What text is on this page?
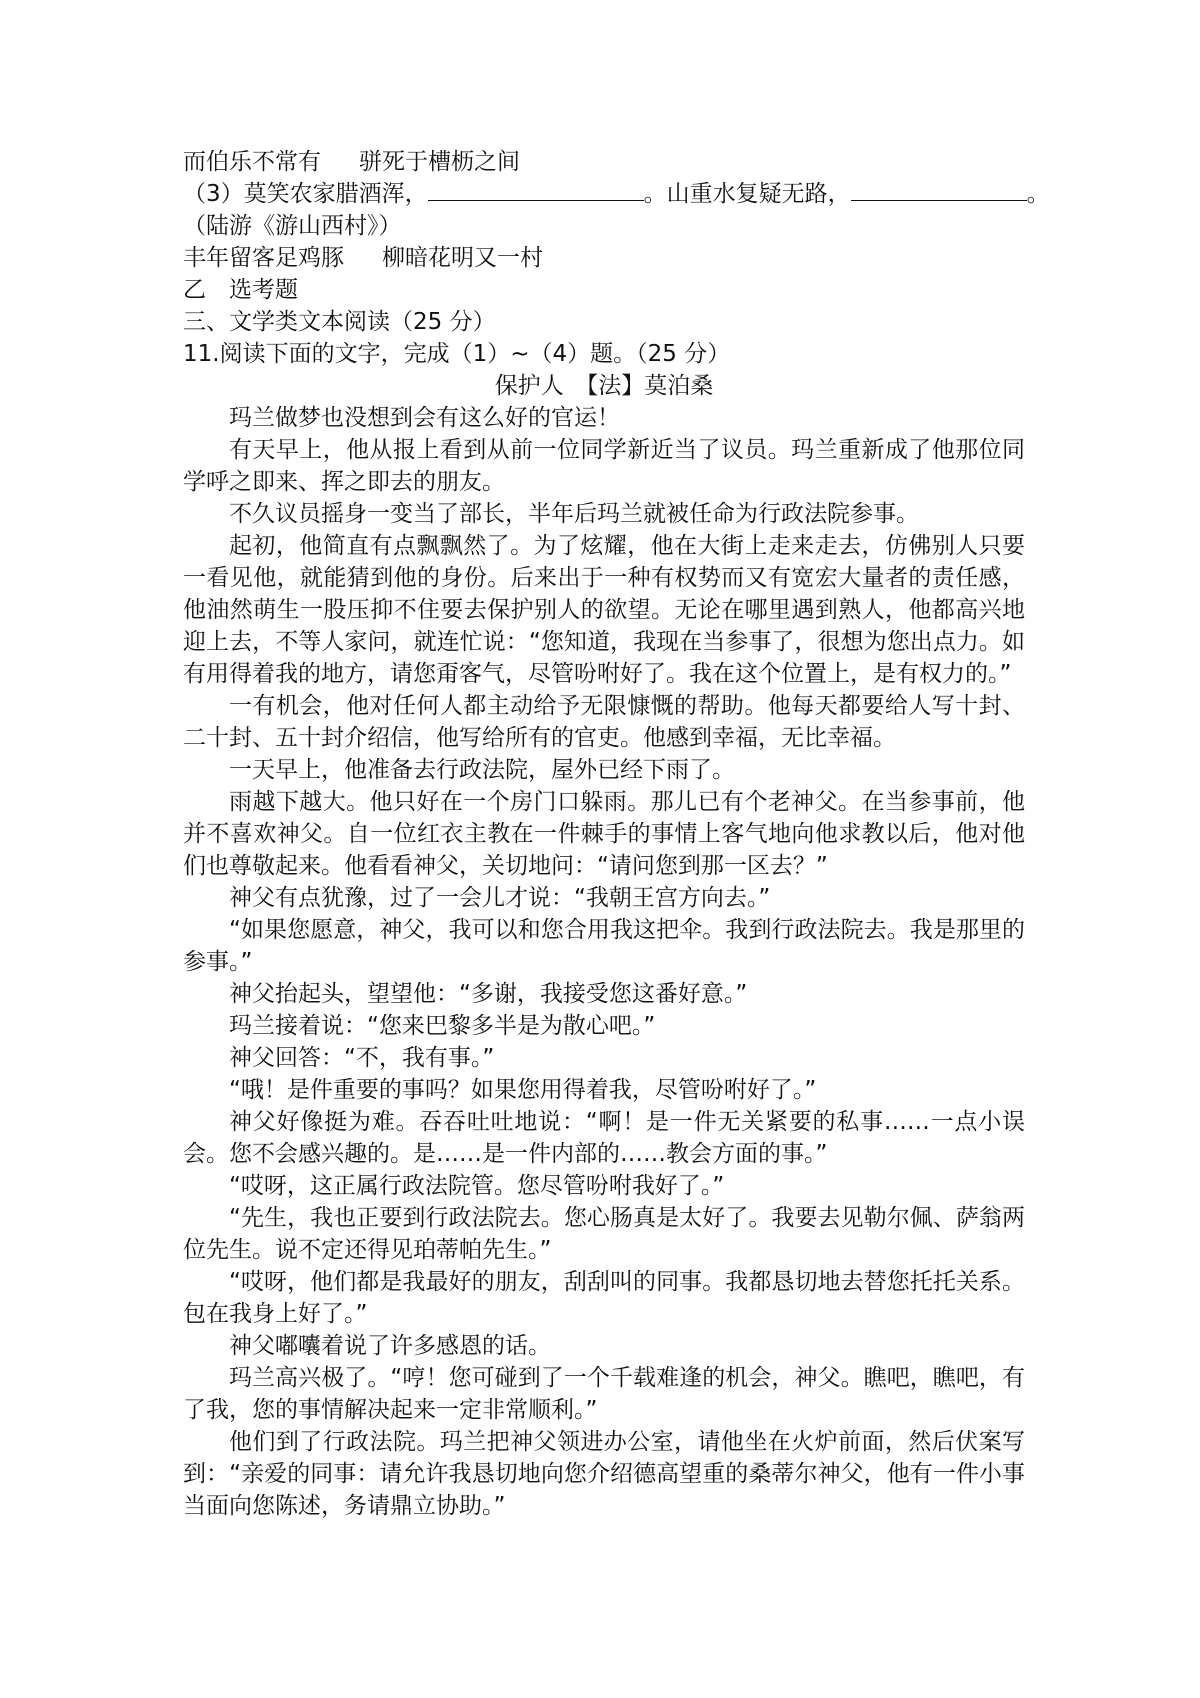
而伯乐不常有 骈死于槽枥之间
（3）莫笑农家腊酒浑，	。山重水复疑无路，	。
（陆游《游山西村》）
丰年留客足鸡豚 柳暗花明又一村
乙　选考题
三、文学类文本阅读（25 分）
11.阅读下面的文字，完成（1）~（4）题。（25 分）
保护人　【法】莫泊桑

玛兰做梦也没想到会有这么好的官运！

有天早上，他从报上看到从前一位同学新近当了议员。玛兰重新成了他那位同学呼之即来、挥之即去的朋友。

不久议员摇身一变当了部长，半年后玛兰就被任命为行政法院参事。

起初，他简直有点飘飘然了。为了炫耀，他在大街上走来走去，仿佛别人只要一看见他，就能猜到他的身份。后来出于一种有权势而又有宽宏大量者的责任感，他油然萌生一股压抑不住要去保护别人的欲望。无论在哪里遇到熟人，他都高兴地迎上去，不等人家问，就连忙说：“您知道，我现在当参事了，很想为您出点力。如有用得着我的地方，请您甭客气，尽管吩咐好了。我在这个位置上，是有权力的。”

一有机会，他对任何人都主动给予无限慷慨的帮助。他每天都要给人写十封、二十封、五十封介绍信，他写给所有的官吏。他感到幸福，无比幸福。

一天早上，他准备去行政法院，屋外已经下雨了。

雨越下越大。他只好在一个房门口躲雨。那儿已有个老神父。在当参事前，他并不喜欢神父。自一位红衣主教在一件棘手的事情上客气地向他求教以后，他对他们也尊敬起来。他看看神父，关切地问：“请问您到那一区去？”

神父有点犹豫，过了一会儿才说：“我朝王宫方向去。”

“如果您愿意，神父，我可以和您合用我这把伞。我到行政法院去。我是那里的参事。”

神父抬起头，望望他：“多谢，我接受您这番好意。”

玛兰接着说：“您来巴黎多半是为散心吧。”

神父回答：“不，我有事。”

“哦！是件重要的事吗？如果您用得着我，尽管吩咐好了。”

神父好像挺为难。吞吞吐吐地说：“啊！是一件无关紧要的私事……一点小误会。您不会感兴趣的。是……是一件内部的……教会方面的事。”

“哎呀，这正属行政法院管。您尽管吩咐我好了。”

“先生，我也正要到行政法院去。您心肠真是太好了。我要去见勒尔佩、萨翁两位先生。说不定还得见珀蒂帕先生。”

“哎呀，他们都是我最好的朋友，刮刮叫的同事。我都恳切地去替您托托关系。包在我身上好了。”

神父嘟囔着说了许多感恩的话。

玛兰高兴极了。“哼！您可碰到了一个千载难逢的机会，神父。瞧吧，瞧吧，有了我，您的事情解决起来一定非常顺利。”

他们到了行政法院。玛兰把神父领进办公室，请他坐在火炉前面，然后伏案写到：“亲爱的同事：请允许我恳切地向您介绍德高望重的桑蒂尔神父，他有一件小事当面向您陈述，务请鼎立协助。”
